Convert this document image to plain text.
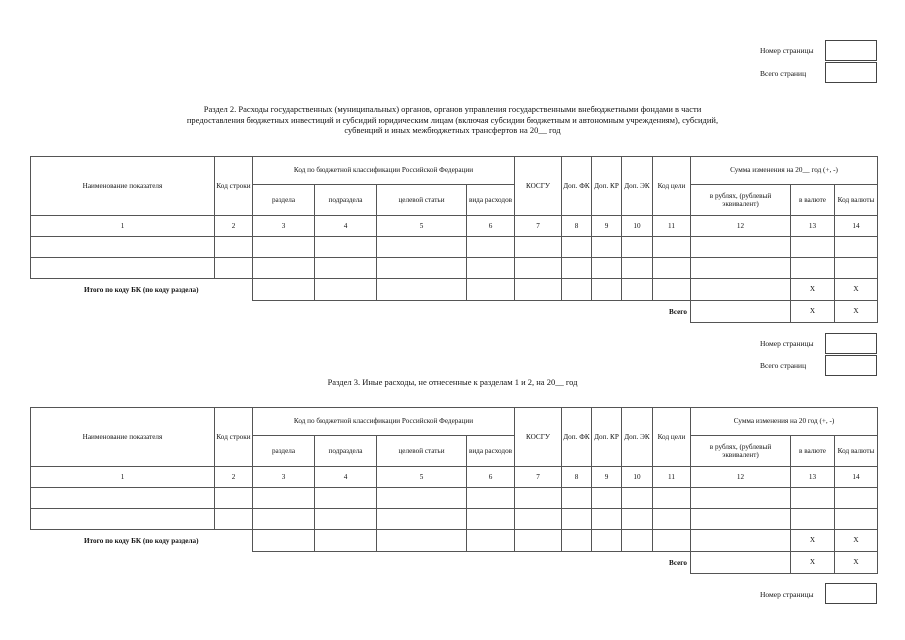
Номер страницы
Всего страниц
Раздел 2. Расходы государственных (муниципальных) органов, органов управления государственными внебюджетными фондами в части
предоставления бюджетных инвестиций и субсидий юридическим лицам (включая субсидии бюджетным и автономным учреждениям), субсидий,
субвенций и иных межбюджетных трансфертов на 20__ год
Наименование показателя	Код строки	Код по бюджетной классификации Российской Федерации				КОСГУ	Доп. ФК	Доп. КР	Доп. ЭК	Код цели	Сумма изменения на 20__ год (+, -)		
		раздела	подраздела	целевой статьи	вида расходов						в рублях, (рублевый эквивалент)	в валюте	Код валюты
1	2	3	4	5	6	7	8	9	10	11	12	13	14

Итого по коду БК (по коду раздела)												X	X
Всего												X	X
Номер страницы
Всего страниц
Раздел 3. Иные расходы, не отнесенные к разделам 1 и 2, на 20__ год
Наименование показателя	Код строки	Код по бюджетной классификации Российской Федерации				КОСГУ	Доп. ФК	Доп. КР	Доп. ЭК	Код цели	Сумма изменения на 20 год (+, -)		
		раздела	подраздела	целевой статьи	вида расходов						в рублях, (рублевый эквивалент)	в валюте	Код валюты
1	2	3	4	5	6	7	8	9	10	11	12	13	14

Итого по коду БК (по коду раздела)												X	X
Всего												X	X
Номер страницы
